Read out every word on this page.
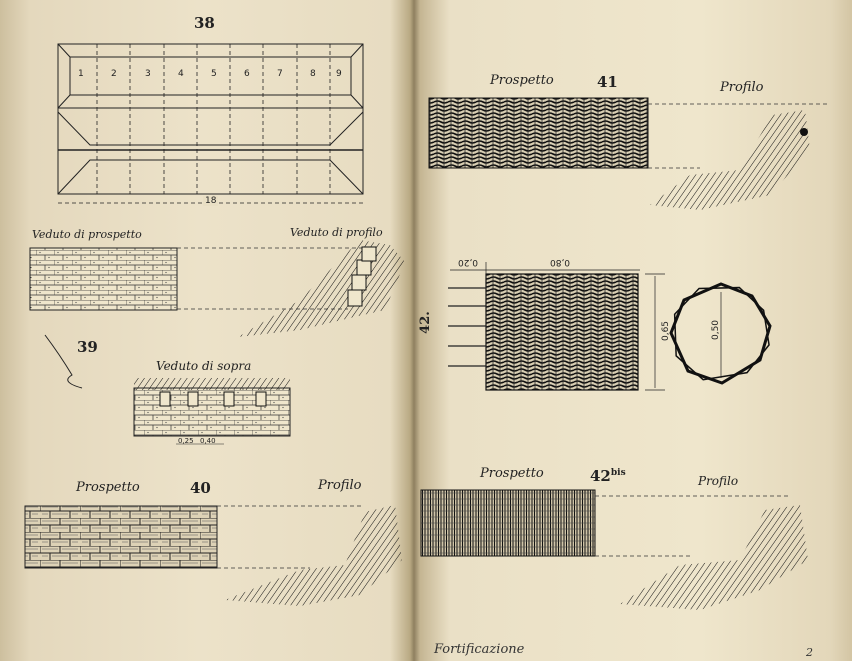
38
1	2	3	4	5	6	7	8 9
18
Veduto di prospetto	Veduto di profilo
39
Veduto di sopra
0,25 0,40
Prospetto	40	Profilo
Prospetto	41	Profilo
0,20	0,80
42.	0,65	0,50
Prospetto	$42^{bis}$
Profilo
Fortificazione	2
